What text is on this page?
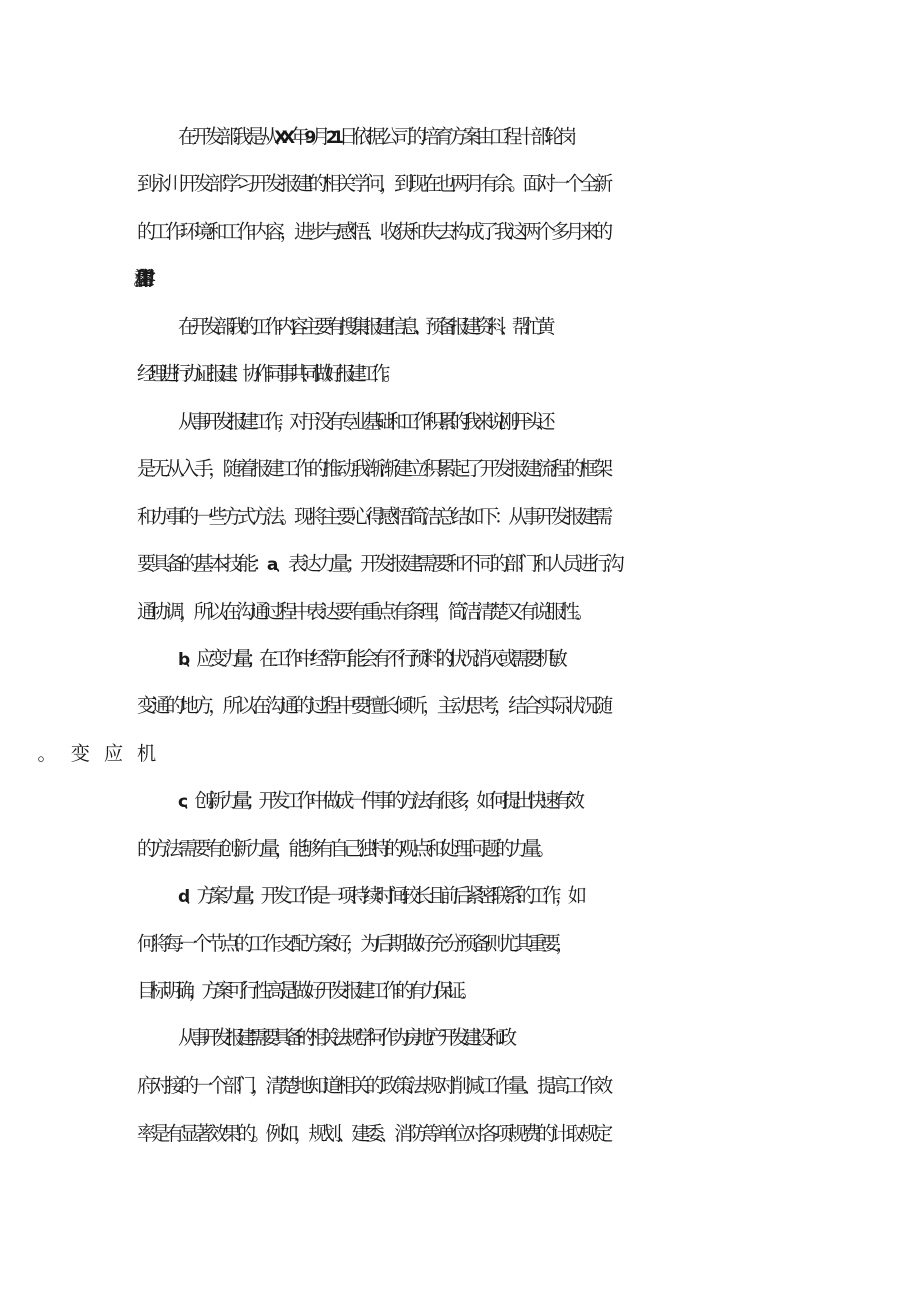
在开发部我是从 XX 年 9 月 21 日依据公司的培育方案由工程十部轮岗
到永川开发部学习开发报建的相关学问，到现在也两月有余。面对一个全新
的工作环境和工作内容，进步与感悟、收获和失去构成了我这两个多月来的
在开发部我的工作内容主要有搜集报建信息、预备报建资料、帮忙黄
经理进行办证报建、协作同事共同做好报建工作。
从事开发报建工作，对于没有专业基础和工作积累的我来说刚开头还
是无从入手，随着报建工作的推动我渐渐建立积累起了开发报建流程的框架
和办事的一些方式方法。现将主要心得感悟简洁总结如下：从事开发报建需
要具备的基本技能：a、表达力量；开发报建需要和不同的部门和人员进行沟
通协调，所以在沟通过程中表达要有重点有条理，简洁清楚又有说服性。
b、应变力量；在工作中经常可能会有不行预料的状况消灭或需要机敏
变通的地方，所以在沟通的过程中要擅长倾听，主动思考，结合实际状况随
c、创新力量；开发工作中做成一件事的方法有很多，如何提出快速有效
的方法需要有创新力量，能够有自己独特的观点和处理问题的力量。
d、方案力量；开发工作是一项持续时间较长且前后紧密联系的工作，如
何将每一个节点的工作支配方案好，为后期做好充分预备则尤其重要，
目标明确，方案可行性高是做好开发报建工作的有力保证。
从事开发报建需要具备的相关法规学问作为房地产开发建设和政
府对接的一个部门，清楚地知道相关的政策法规对削减工作量、提高工作效
率是有显著效果的。例如，规划、建委、消防等单位对各项规费的计取规定
